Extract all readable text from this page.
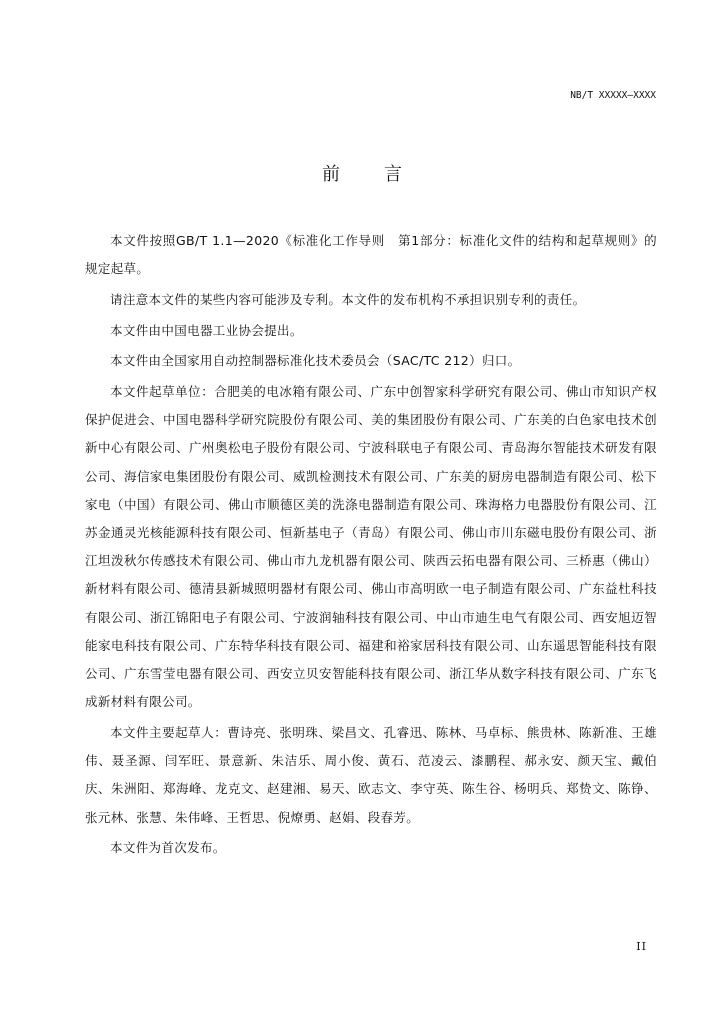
NB/T XXXXX—XXXX
前 言

本文件按照GB/T 1.1—2020《标准化工作导则　第1部分：标准化文件的结构和起草规则》的规定起草。

请注意本文件的某些内容可能涉及专利。本文件的发布机构不承担识别专利的责任。

本文件由中国电器工业协会提出。

本文件由全国家用自动控制器标准化技术委员会（SAC/TC 212）归口。

本文件起草单位：合肥美的电冰箱有限公司、广东中创智家科学研究有限公司、佛山市知识产权保护促进会、中国电器科学研究院股份有限公司、美的集团股份有限公司、广东美的白色家电技术创新中心有限公司、广州奥松电子股份有限公司、宁波科联电子有限公司、青岛海尔智能技术研发有限公司、海信家电集团股份有限公司、威凯检测技术有限公司、广东美的厨房电器制造有限公司、松下家电（中国）有限公司、佛山市顺德区美的洗涤电器制造有限公司、珠海格力电器股份有限公司、江苏金通灵光核能源科技有限公司、恒新基电子（青岛）有限公司、佛山市川东磁电股份有限公司、浙江坦泼秋尔传感技术有限公司、佛山市九龙机器有限公司、陕西云拓电器有限公司、三桥惠（佛山）新材料有限公司、德清县新城照明器材有限公司、佛山市高明欧一电子制造有限公司、广东益杜科技有限公司、浙江锦阳电子有限公司、宁波润轴科技有限公司、中山市迪生电气有限公司、西安旭迈智能家电科技有限公司、广东特华科技有限公司、福建和裕家居科技有限公司、山东遥思智能科技有限公司、广东雪莹电器有限公司、西安立贝安智能科技有限公司、浙江华从数字科技有限公司、广东飞成新材料有限公司。

本文件主要起草人：曹诗亮、张明珠、梁昌文、孔睿迅、陈林、马卓标、熊贵林、陈新准、王雄伟、聂圣源、闫军旺、景意新、朱洁乐、周小俊、黄石、范凌云、漆鹏程、郝永安、颜天宝、戴伯庆、朱洲阳、郑海峰、龙克文、赵建湘、易天、欧志文、李守英、陈生谷、杨明兵、郑贽文、陈铮、张元林、张慧、朱伟峰、王哲思、倪燎勇、赵娟、段春芳。

本文件为首次发布。

II
